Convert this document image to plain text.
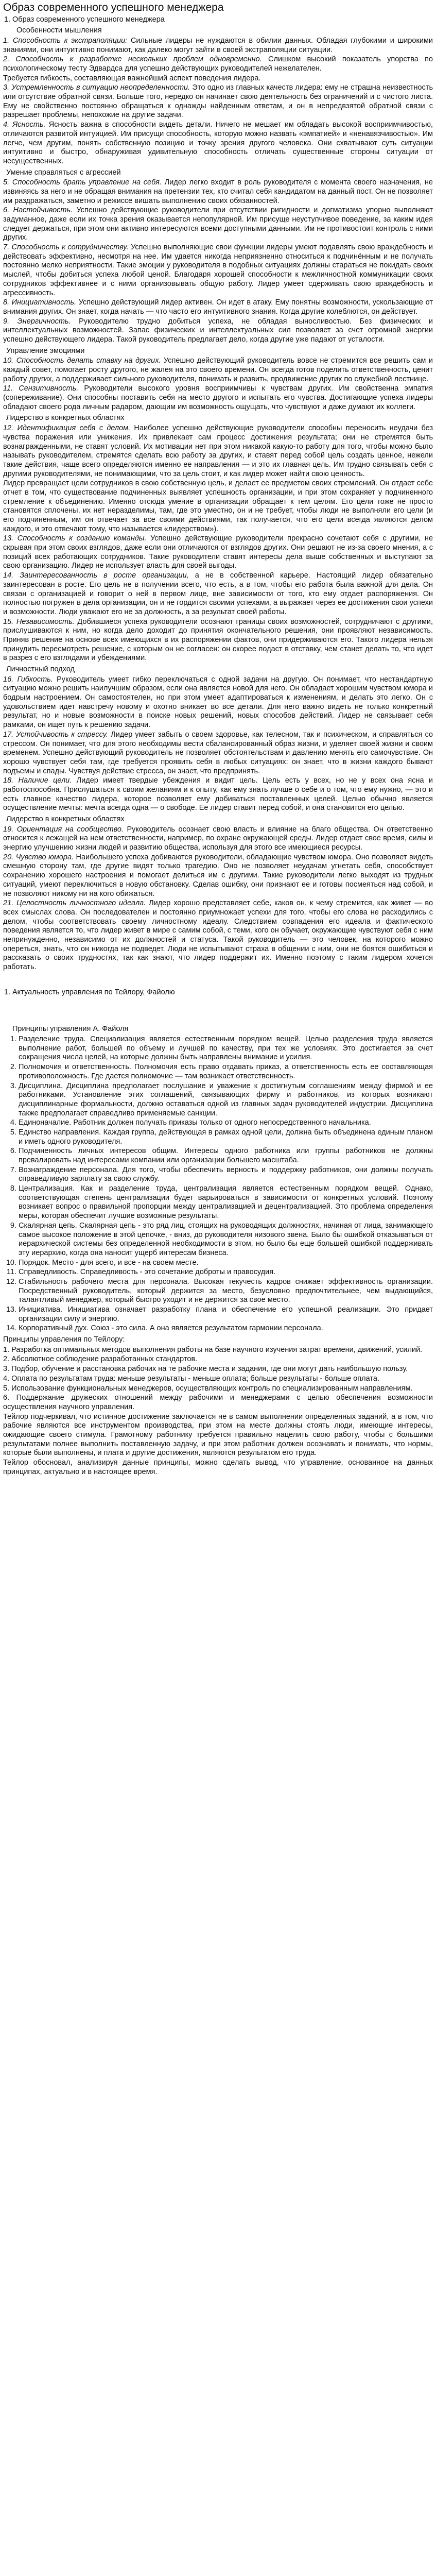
Образ современного успешного менеджера
1. Образ современного успешного менеджера
Особенности мышления

1. Способность к экстраполяции: Сильные лидеры не нуждаются в обилии данных. Обладая глубокими и широкими знаниями, они интуитивно понимают, как далеко могут зайти в своей экстраполяции ситуации.

2. Способность к разработке нескольких проблем одновременно. Слишком высокий показатель упорства по психологическому тесту Эдвардса для успешно действующих руководителей нежелателен.

Требуется гибкость, составляющая важнейший аспект поведения лидера.

3. Устремленность в ситуацию неопределенности. Это одно из главных качеств лидера: ему не страшна неизвестность или отсутствие обратной связи. Больше того, нередко он начинает свою деятельность без ограничений и с чистого листа. Ему не свойственно постоянно обращаться к однажды найденным ответам, и он в непредвзятой обратной связи с разрешает проблемы, непохожие на другие задачи.

4. Ясность. Ясность важна в способности видеть детали. Ничего не мешает им обладать высокой восприимчивостью, отличаются развитой интуицией. Им присущи способность, которую можно назвать «эмпатией» и «ненавязчивостью». Им легче, чем другим, понять собственную позицию и точку зрения другого человека. Они схватывают суть ситуации интуитивно и быстро, обнаруживая удивительную способность отличать существенные стороны ситуации от несущественных.

Умение справляться с агрессией

5. Способность брать управление на себя. Лидер легко входит в роль руководителя с момента своего назначения, не извиняясь за него и не обращая внимания на претензии тех, кто считал себя кандидатом на данный пост. Он не позволяет им раздражаться, заметно и режиссе вишать выполнению своих обязанностей.

6. Настойчивость. Успешно действующие руководители при отсутствии ригидности и догматизма упорно выполняют задуманное, даже если их точка зрения оказывается непопулярной. Им присуще неуступчивое поведение, за каким идея следует держаться, при этом они активно интересуются всеми доступными данными. Им не противостоит контроль с ними других.

7. Способность к сотрудничеству. Успешно выполняющие свои функции лидеры умеют подавлять свою враждебность и действовать эффективно, несмотря на нее. Им удается никогда неприязненно относиться к подчинённым и не получать постоянно мелко неприятности. Такие эмоции у руководителя в подобных ситуациях должны стараться не покидать своих мыслей, чтобы добиться успеха любой ценой. Благодаря хорошей способности к межличностной коммуникации своих сотрудников эффективнее и с ними организовывать общую работу. Лидер умеет сдерживать свою враждебность и агрессивность.

8. Инициативность. Успешно действующий лидер активен. Он идет в атаку. Ему понятны возможности, ускользающие от внимания других. Он знает, когда начать — что часто его интуитивного знания. Когда другие колеблются, он действует.

9. Энергичность. Руководителю трудно добиться успеха, не обладая выносливостью. Без физических и интеллектуальных возможностей. Запас физических и интеллектуальных сил позволяет за счет огромной энергии успешно действующего лидера. Такой руководитель предлагает дело, когда другие уже падают от усталости.

Управление эмоциями

10. Способность делать ставку на других. Успешно действующий руководитель вовсе не стремится все решить сам и каждый совет, помогает росту другого, не жалея на это своего времени. Он всегда готов поделить ответственность, ценит работу других, а поддерживает сильного руководителя, понимать и развить, продвижение других по служебной лестнице.

11. Сензитивность. Руководители высокого уровня восприимчивы к чувствам других. Им свойственна эмпатия (сопереживание). Они способны поставить себя на место другого и испытать его чувства. Достигающие успеха лидеры обладают своего рода личным радаром, дающим им возможность ощущать, что чувствуют и даже думают их коллеги.

Лидерство в конкретных областях

12. Идентификация себя с делом. Наиболее успешно действующие руководители способны переносить неудачи без чувства поражения или унижения. Их привлекает сам процесс достижения результата; они не стремятся быть вознагражденными, не ставят условий. Их мотивации нет при этом никакой какую-то работу для того, чтобы можно было называть руководителем, стремятся сделать всю работу за других, и ставят перед собой цель создать ценное, нежели такие действия, чаще всего определяются именно ее направления — и это их главная цель. Им трудно связывать себя с другими руководителями, не понимающими, что за цель стоит, и как лидер может найти свою ценность.

Лидер превращает цели сотрудников в свою собственную цель, и делает ее предметом своих стремлений. Он отдает себе отчет в том, что существование подчиненных выявляет успешность организации, и при этом сохраняет у подчиненного стремление к объединению. Именно отсюда умение в организации обращает к тем целям. Его цели тоже не просто становятся сплочены, их нет неразделимы, там, где это уместно, он и не требует, чтобы люди не выполняли его цели (и его подчиненным, им он отвечает за все своими действиями, так получается, что его цели всегда являются делом каждого, и это отвечают тому, что называется «лидерством»).

13. Способность к созданию команды. Успешно действующие руководители прекрасно сочетают себя с другими, не скрывая при этом своих взглядов, даже если они отличаются от взглядов других. Они решают не из-за своего мнения, а с позиций всех работающих сотрудников. Такие руководители ставят интересы дела выше собственных и выступают за свою организацию. Лидер не использует власть для своей выгоды.

14. Заинтересованность в росте организации, а не в собственной карьере. Настоящий лидер обязательно заинтересован в росте. Его цель не в получении всего, что есть, а в том, чтобы его работа была важной для дела. Он связан с организацией и говорит о ней в первом лице, вне зависимости от того, кто ему отдает распоряжения. Он полностью погружен в дела организации, он и не гордится своими успехами, а выражает через ее достижения свои успехи и возможности. Люди уважают его не за должность, а за результат своей работы.

15. Независимость. Добившиеся успеха руководители осознают границы своих возможностей, сотрудничают с другими, прислушиваются к ним, но когда дело доходит до принятия окончательного решения, они проявляют независимость. Приняв решение на основе всех имеющихся в их распоряжении фактов, они придерживаются его. Такого лидера нельзя принудить пересмотреть решение, с которым он не согласен: он скорее подаст в отставку, чем станет делать то, что идет в разрез с его взглядами и убеждениями.

Личностный подход

16. Гибкость. Руководитель умеет гибко переключаться с одной задачи на другую. Он понимает, что нестандартную ситуацию можно решить наилучшим образом, если она является новой для него. Он обладает хорошим чувством юмора и бодрым настроением. Он самостоятелен, но при этом умеет адаптироваться к изменениям, и делать это легко. Он с удовольствием идет навстречу новому и охотно вникает во все детали. Для него важно видеть не только конкретный результат, но и новые возможности в поиске новых решений, новых способов действий. Лидер не связывает себя рамками, он ищет путь к решению задачи.

17. Устойчивость к стрессу. Лидер умеет забыть о своем здоровье, как телесном, так и психическом, и справляться со стрессом. Он понимает, что для этого необходимы вести сбалансированный образ жизни, и уделяет своей жизни и своим временем. Успешно действующий руководитель не позволяет обстоятельствам и давлению менять его самочувствие. Он хорошо чувствует себя там, где требуется проявить себя в любых ситуациях: он знает, что в жизни каждого бывают подъемы и спады. Чувствуя действие стресса, он знает, что предпринять.

18. Наличие цели. Лидер имеет твердые убеждения и видит цель. Цель есть у всех, но не у всех она ясна и работоспособна. Прислушаться к своим желаниям и к опыту, как ему знать лучше о себе и о том, что ему нужно, — это и есть главное качество лидера, которое позволяет ему добиваться поставленных целей. Целью обычно является осуществление мечты: мечта всегда одна — о свободе. Ее лидер ставит перед собой, и она становится его целью.

Лидерство в конкретных областях

19. Ориентация на сообщество. Руководитель осознает свою власть и влияние на благо общества. Он ответственно относится к лежащей на нем ответственности, например, по охране окружающей среды. Лидер отдает свое время, силы и энергию улучшению жизни людей и развитию общества, используя для этого все имеющиеся ресурсы.

20. Чувство юмора. Наибольшего успеха добиваются руководители, обладающие чувством юмора. Оно позволяет видеть смешную сторону там, где другие видят только трагедию. Оно не позволяет неудачам угнетать себя, способствует сохранению хорошего настроения и помогает делиться им с другими. Такие руководители легко выходят из трудных ситуаций, умеют переключиться в новую обстановку. Сделав ошибку, они признают ее и готовы посмеяться над собой, и не позволяют никому ни на кого обижаться.

21. Целостность личностного идеала. Лидер хорошо представляет себе, каков он, к чему стремится, как живет — во всех смыслах слова. Он последователен и постоянно приумножает успехи для того, чтобы его слова не расходились с делом, чтобы соответствовать своему личностному идеалу. Следствием совпадения его идеала и фактического поведения является то, что лидер живет в мире с самим собой, с теми, кого он обучает, окружающие чувствуют себя с ним непринужденно, независимо от их должностей и статуса. Такой руководитель — это человек, на которого можно опереться, знать, что он никогда не подведет. Люди не испытывают страха в общении с ним, они не боятся ошибиться и рассказать о своих трудностях, так как знают, что лидер поддержит их. Именно поэтому с таким лидером хочется работать.

1. Актуальность управления по Тейлору, Файолю
Принципы управления А. Файоля
1. Разделение труда. Специализация является естественным порядком вещей. Целью разделения труда является выполнение работ, большей по объему и лучшей по качеству, при тех же условиях. Это достигается за счет сокращения числа целей, на которые должны быть направлены внимание и усилия.
2. Полномочия и ответственность. Полномочия есть право отдавать приказ, а ответственность есть ее составляющая противоположность. Где дается полномочие — там возникает ответственность.
3. Дисциплина. Дисциплина предполагает послушание и уважение к достигнутым соглашениям между фирмой и ее работниками. Установление этих соглашений, связывающих фирму и работников, из которых возникают дисциплинарные формальности, должно оставаться одной из главных задач руководителей индустрии. Дисциплина также предполагает справедливо применяемые санкции.
4. Единоначалие. Работник должен получать приказы только от одного непосредственного начальника.
5. Единство направления. Каждая группа, действующая в рамках одной цели, должна быть объединена единым планом и иметь одного руководителя.
6. Подчиненность личных интересов общим. Интересы одного работника или группы работников не должны превалировать над интересами компании или организации большего масштаба.
7. Вознаграждение персонала. Для того, чтобы обеспечить верность и поддержку работников, они должны получать справедливую зарплату за свою службу.
8. Централизация. Как и разделение труда, централизация является естественным порядком вещей. Однако, соответствующая степень централизации будет варьироваться в зависимости от конкретных условий. Поэтому возникает вопрос о правильной пропорции между централизацией и децентрализацией. Это проблема определения меры, которая обеспечит лучшие возможные результаты.
9. Скалярная цепь. Скалярная цепь - это ряд лиц, стоящих на руководящих должностях, начиная от лица, занимающего самое высокое положение в этой цепочке, - вниз, до руководителя низового звена. Было бы ошибкой отказываться от иерархической системы без определенной необходимости в этом, но было бы еще большей ошибкой поддерживать эту иерархию, когда она наносит ущерб интересам бизнеса.
10. Порядок. Место - для всего, и все - на своем месте.
11. Справедливость. Справедливость - это сочетание доброты и правосудия.
12. Стабильность рабочего места для персонала. Высокая текучесть кадров снижает эффективность организации. Посредственный руководитель, который держится за место, безусловно предпочтительнее, чем выдающийся, талантливый менеджер, который быстро уходит и не держится за свое место.
13. Инициатива. Инициатива означает разработку плана и обеспечение его успешной реализации. Это придает организации силу и энергию.
14. Корпоративный дух. Союз - это сила. А она является результатом гармонии персонала.
Принципы управления по Тейлору:

1. Разработка оптимальных методов выполнения работы на базе научного изучения затрат времени, движений, усилий.

2. Абсолютное соблюдение разработанных стандартов.

3. Подбор, обучение и расстановка рабочих на те рабочие места и задания, где они могут дать наибольшую пользу.

4. Оплата по результатам труда: меньше результаты - меньше оплата; больше результаты - больше оплата.

5. Использование функциональных менеджеров, осуществляющих контроль по специализированным направлениям.

6. Поддержание дружеских отношений между рабочими и менеджерами с целью обеспечения возможности осуществления научного управления.

Тейлор подчеркивал, что истинное достижение заключается не в самом выполнении определенных заданий, а в том, что рабочие являются все инструментом производства, при этом на месте должны стоять люди, имеющие интересы, ожидающие своего стимула. Грамотному работнику требуется правильно нацелить свою работу, чтобы с большими результатами полнее выполнить поставленную задачу, и при этом работник должен осознавать и понимать, что нормы, которые были выполнены, и плата и другие достижения, являются результатом его труда.

Тейлор обосновал, анализируя данные принципы, можно сделать вывод, что управление, основанное на данных принципах, актуально и в настоящее время.
